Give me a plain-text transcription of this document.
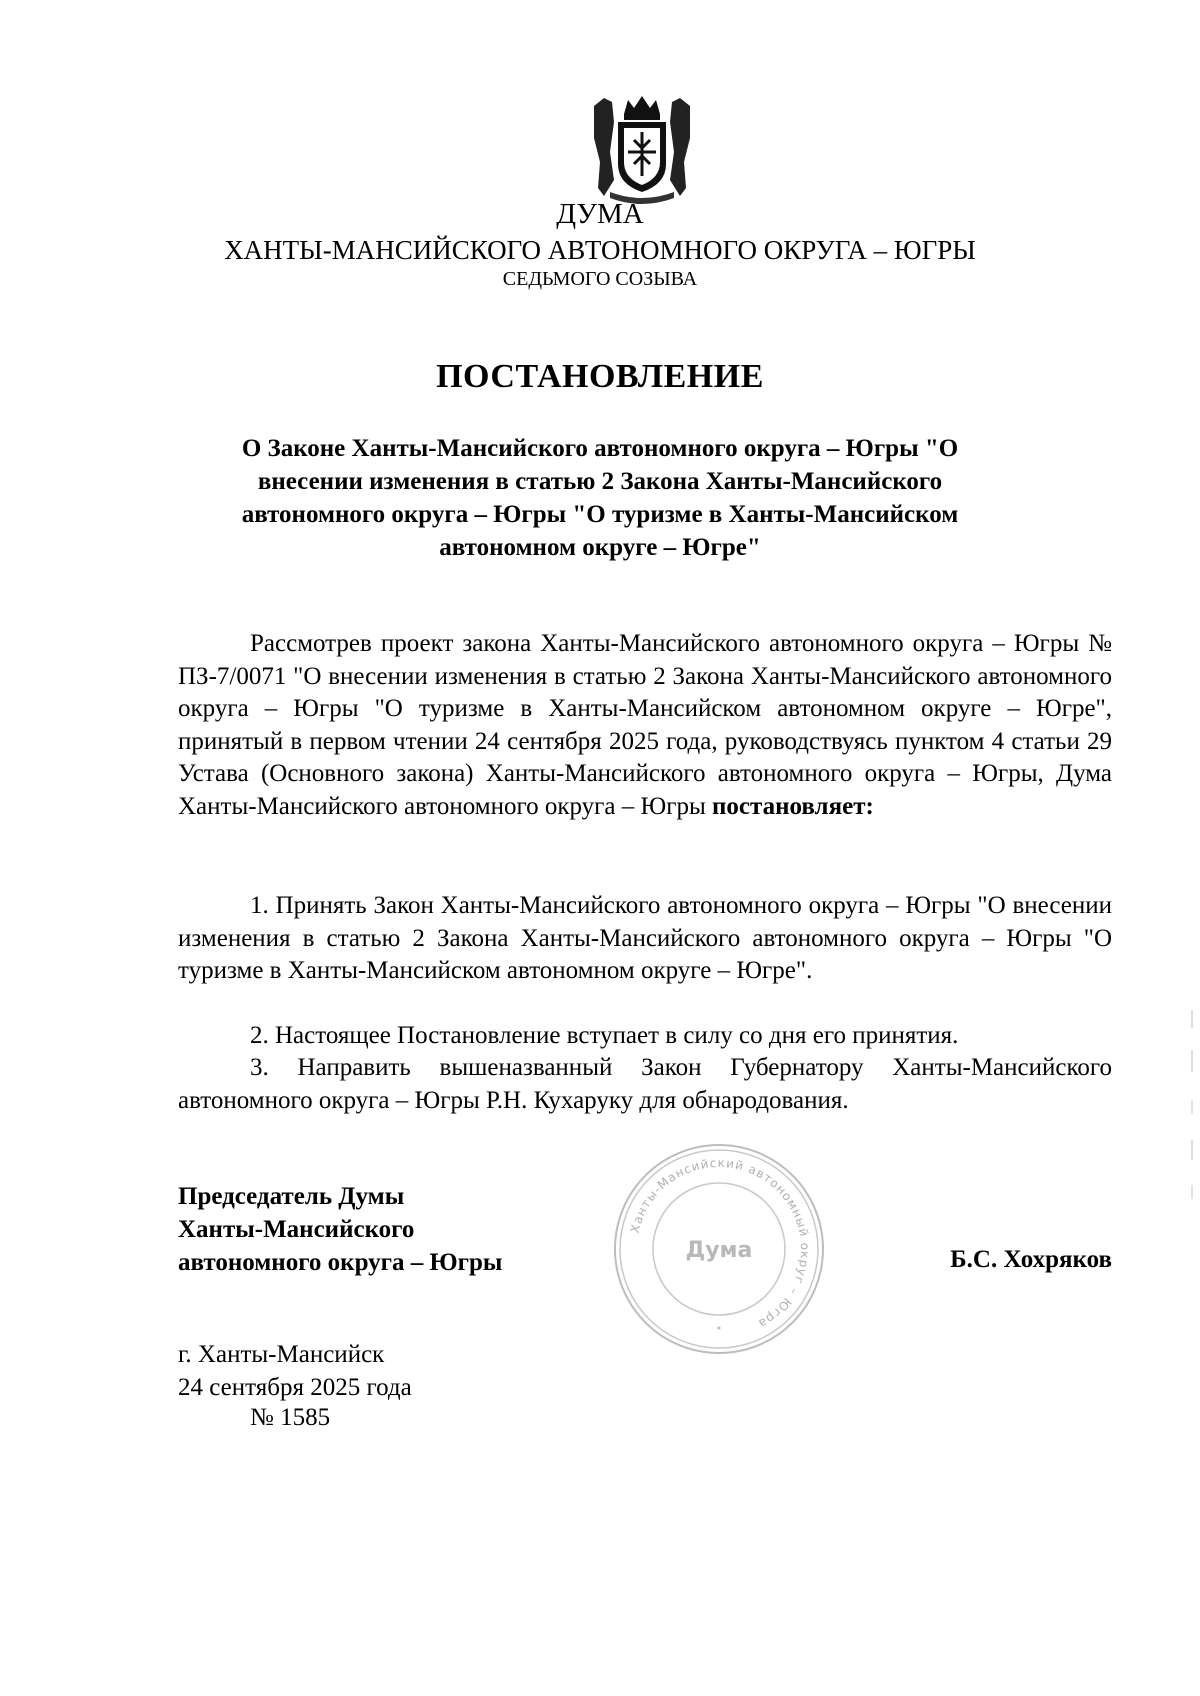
ДУМА
ХАНТЫ-МАНСИЙСКОГО АВТОНОМНОГО ОКРУГА – ЮГРЫ
СЕДЬМОГО СОЗЫВА
ПОСТАНОВЛЕНИЕ
О Законе Ханты-Мансийского автономного округа – Югры "О внесении изменения в статью 2 Закона Ханты-Мансийского автономного округа – Югры "О туризме в Ханты-Мансийском автономном округе – Югре"

Рассмотрев проект закона Ханты-Мансийского автономного округа – Югры № ПЗ-7/0071 "О внесении изменения в статью 2 Закона Ханты-Мансийского автономного округа – Югры "О туризме в Ханты-Мансийском автономном округе – Югре", принятый в первом чтении 24 сентября 2025 года, руководствуясь пунктом 4 статьи 29 Устава (Основного закона) Ханты-Мансийского автономного округа – Югры, Дума Ханты-Мансийского автономного округа – Югры постановляет:

1. Принять Закон Ханты-Мансийского автономного округа – Югры "О внесении изменения в статью 2 Закона Ханты-Мансийского автономного округа – Югры "О туризме в Ханты-Мансийском автономном округе – Югре".

2. Настоящее Постановление вступает в силу со дня его принятия.

3. Направить вышеназванный Закон Губернатору Ханты-Мансийского автономного округа – Югры Р.Н. Кухаруку для обнародования.

Председатель Думы
Ханты-Мансийского
автономного округа – Югры
Ханты-Мансийский автономный округ – Югра
Дума	Б.С. Хохряков
г. Ханты-Мансийск
24 сентября 2025 года
№ 1585
